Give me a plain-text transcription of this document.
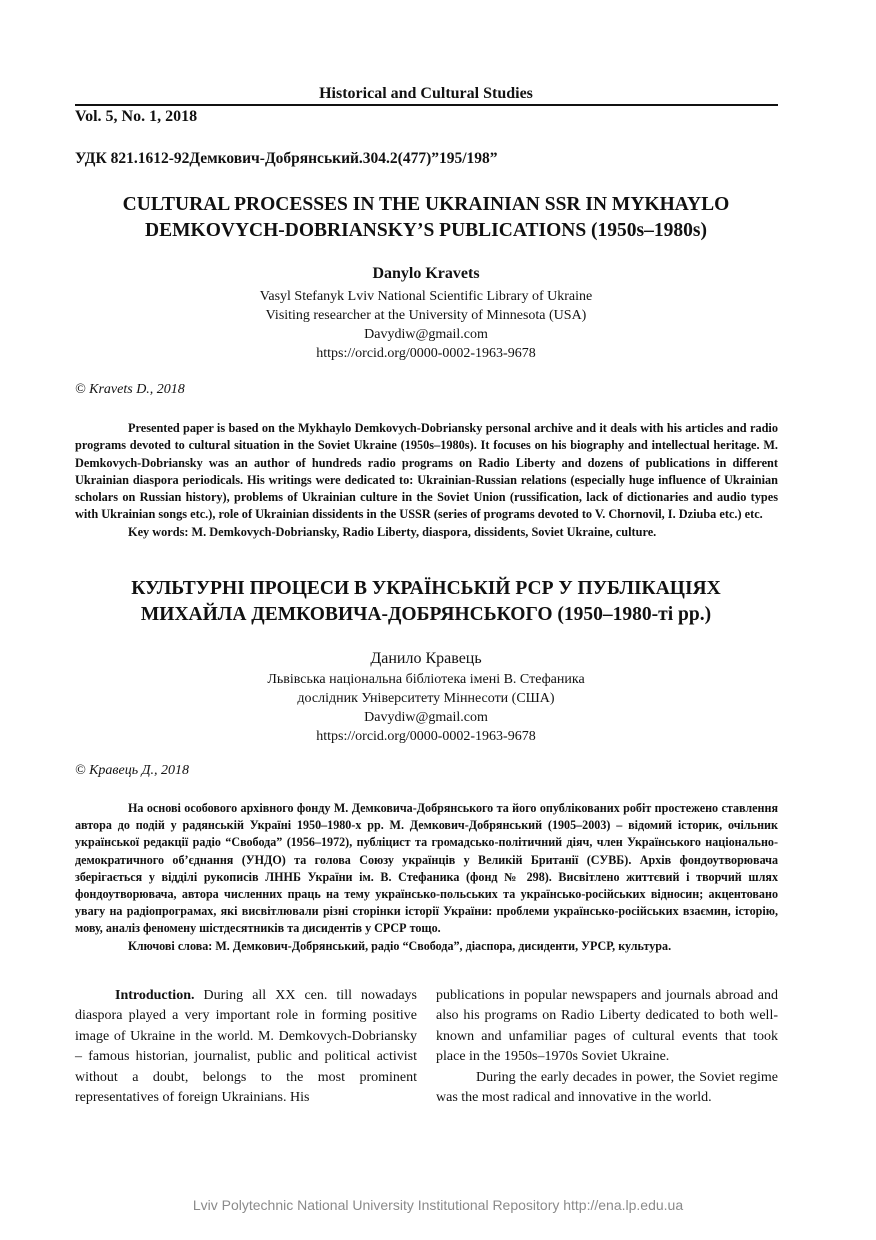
Historical and Cultural Studies
Vol. 5, No. 1, 2018
УДК 821.1612-92Демкович-Добрянський.304.2(477)”195/198”
CULTURAL PROCESSES IN THE UKRAINIAN SSR IN MYKHAYLO
DEMKOVYCH-DOBRIANSKY’S PUBLICATIONS (1950s–1980s)
Danylo Kravets
Vasyl Stefanyk Lviv National Scientific Library of Ukraine
Visiting researcher at the University of Minnesota (USA)
Davydiw@gmail.com
https://orcid.org/0000-0002-1963-9678
© Kravets D., 2018

Presented paper is based on the Mykhaylo Demkovych-Dobriansky personal archive and it deals with his articles and radio programs devoted to cultural situation in the Soviet Ukraine (1950s–1980s). It focuses on his biography and intellectual heritage. M. Demkovych-Dobriansky was an author of hundreds radio programs on Radio Liberty and dozens of publications in different Ukrainian diaspora periodicals. His writings were dedicated to: Ukrainian-Russian relations (especially huge influence of Ukrainian scholars on Russian history), problems of Ukrainian culture in the Soviet Union (russification, lack of dictionaries and audio types with Ukrainian songs etc.), role of Ukrainian dissidents in the USSR (series of programs devoted to V. Chornovil, I. Dziuba etc.) etc.

Key words: M. Demkovych-Dobriansky, Radio Liberty, diaspora, dissidents, Soviet Ukraine, culture.

КУЛЬТУРНІ ПРОЦЕСИ В УКРАЇНСЬКІЙ РСР У ПУБЛІКАЦІЯХ
МИХАЙЛА ДЕМКОВИЧА-ДОБРЯНСЬКОГО (1950–1980-ті рр.)
Данило Кравець
Львівська національна бібліотека імені В. Стефаника
дослідник Університету Міннесоти (США)
Davydiw@gmail.com
https://orcid.org/0000-0002-1963-9678
© Кравець Д., 2018

На основі особового архівного фонду М. Демковича-Добрянського та його опублікованих робіт простежено ставлення автора до подій у радянській Україні 1950–1980-х рр. М. Демкович-Добрянський (1905–2003) – відомий історик, очільник української редакції радіо “Свобода” (1956–1972), публіцист та громадсько-політичний діяч, член Українського національно-демократичного об’єднання (УНДО) та голова Союзу українців у Великій Британії (СУВБ). Архів фондоутворювача зберігається у відділі рукописів ЛННБ України ім. В. Стефаника (фонд № 298). Висвітлено життєвий і творчий шлях фондоутворювача, автора численних праць на тему українсько-польських та українсько-російських відносин; акцентовано увагу на радіопрограмах, які висвітлювали різні сторінки історії України: проблеми українсько-російських взаємин, історію, мову, аналіз феномену шістдесятників та дисидентів у СРСР тощо.

Ключові слова: М. Демкович-Добрянський, радіо “Свобода”, діаспора, дисиденти, УРСР, культура.

Introduction. During all XX cen. till nowadays diaspora played a very important role in forming positive image of Ukraine in the world. M. Demkovych-Dobriansky – famous historian, journalist, public and political activist without a doubt, belongs to the most prominent representatives of foreign Ukrainians. His

publications in popular newspapers and journals abroad and also his programs on Radio Liberty dedicated to both well-known and unfamiliar pages of cultural events that took place in the 1950s–1970s Soviet Ukraine.

During the early decades in power, the Soviet regime was the most radical and innovative in the world.

Lviv Polytechnic National University Institutional Repository http://ena.lp.edu.ua
